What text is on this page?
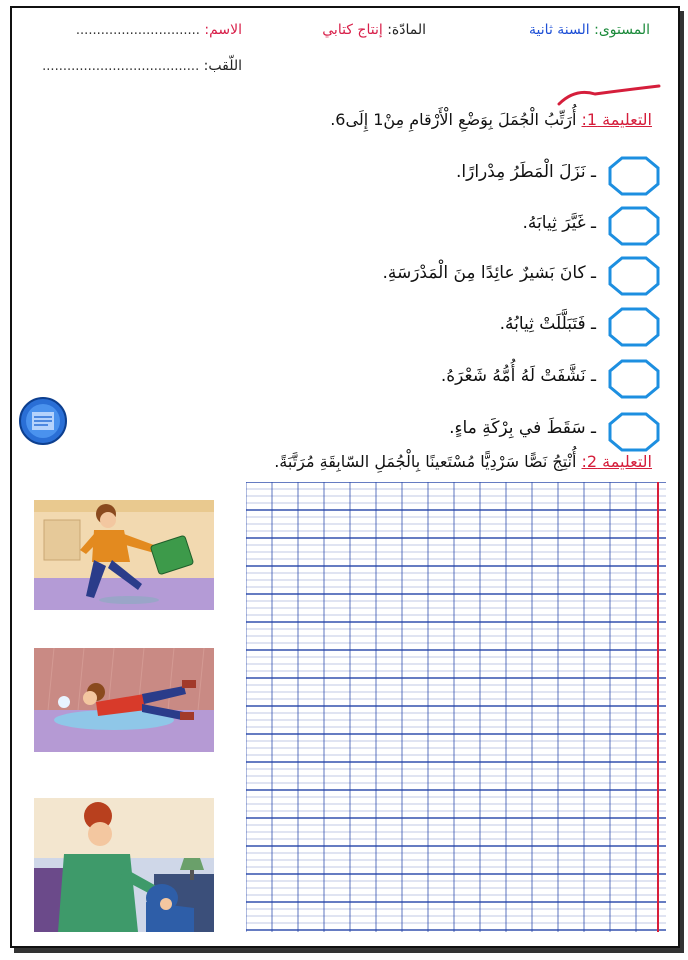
المستوى: السنة ثانية
المادّة: إنتاج كتابي
الاسم: ..............................
اللّقب: ......................................
التعليمة 1: أُرَتِّبُ الْجُمَلَ بِوَضْعِ الْأَرْقامِ مِنْ1 إِلَى6.
ـ نَزَلَ الْمَطَرُ مِدْرارًا.
ـ غَيَّرَ ثِيابَهُ.
ـ كانَ بَشيرٌ عائِدًا مِنَ الْمَدْرَسَةِ.
ـ فَتَبَلَّلَتْ ثِيابُهُ.
ـ نَشَّفَتْ لَهُ أُمُّهُ شَعْرَهُ.
ـ سَقَطَ في بِرْكَةِ ماءٍ.
التعليمة 2: أُنْتِجُ نَصًّا سَرْدِيًّا مُسْتَعينًا بِالْجُمَلِ السّابِقَةِ مُرَتَّبَةً.
